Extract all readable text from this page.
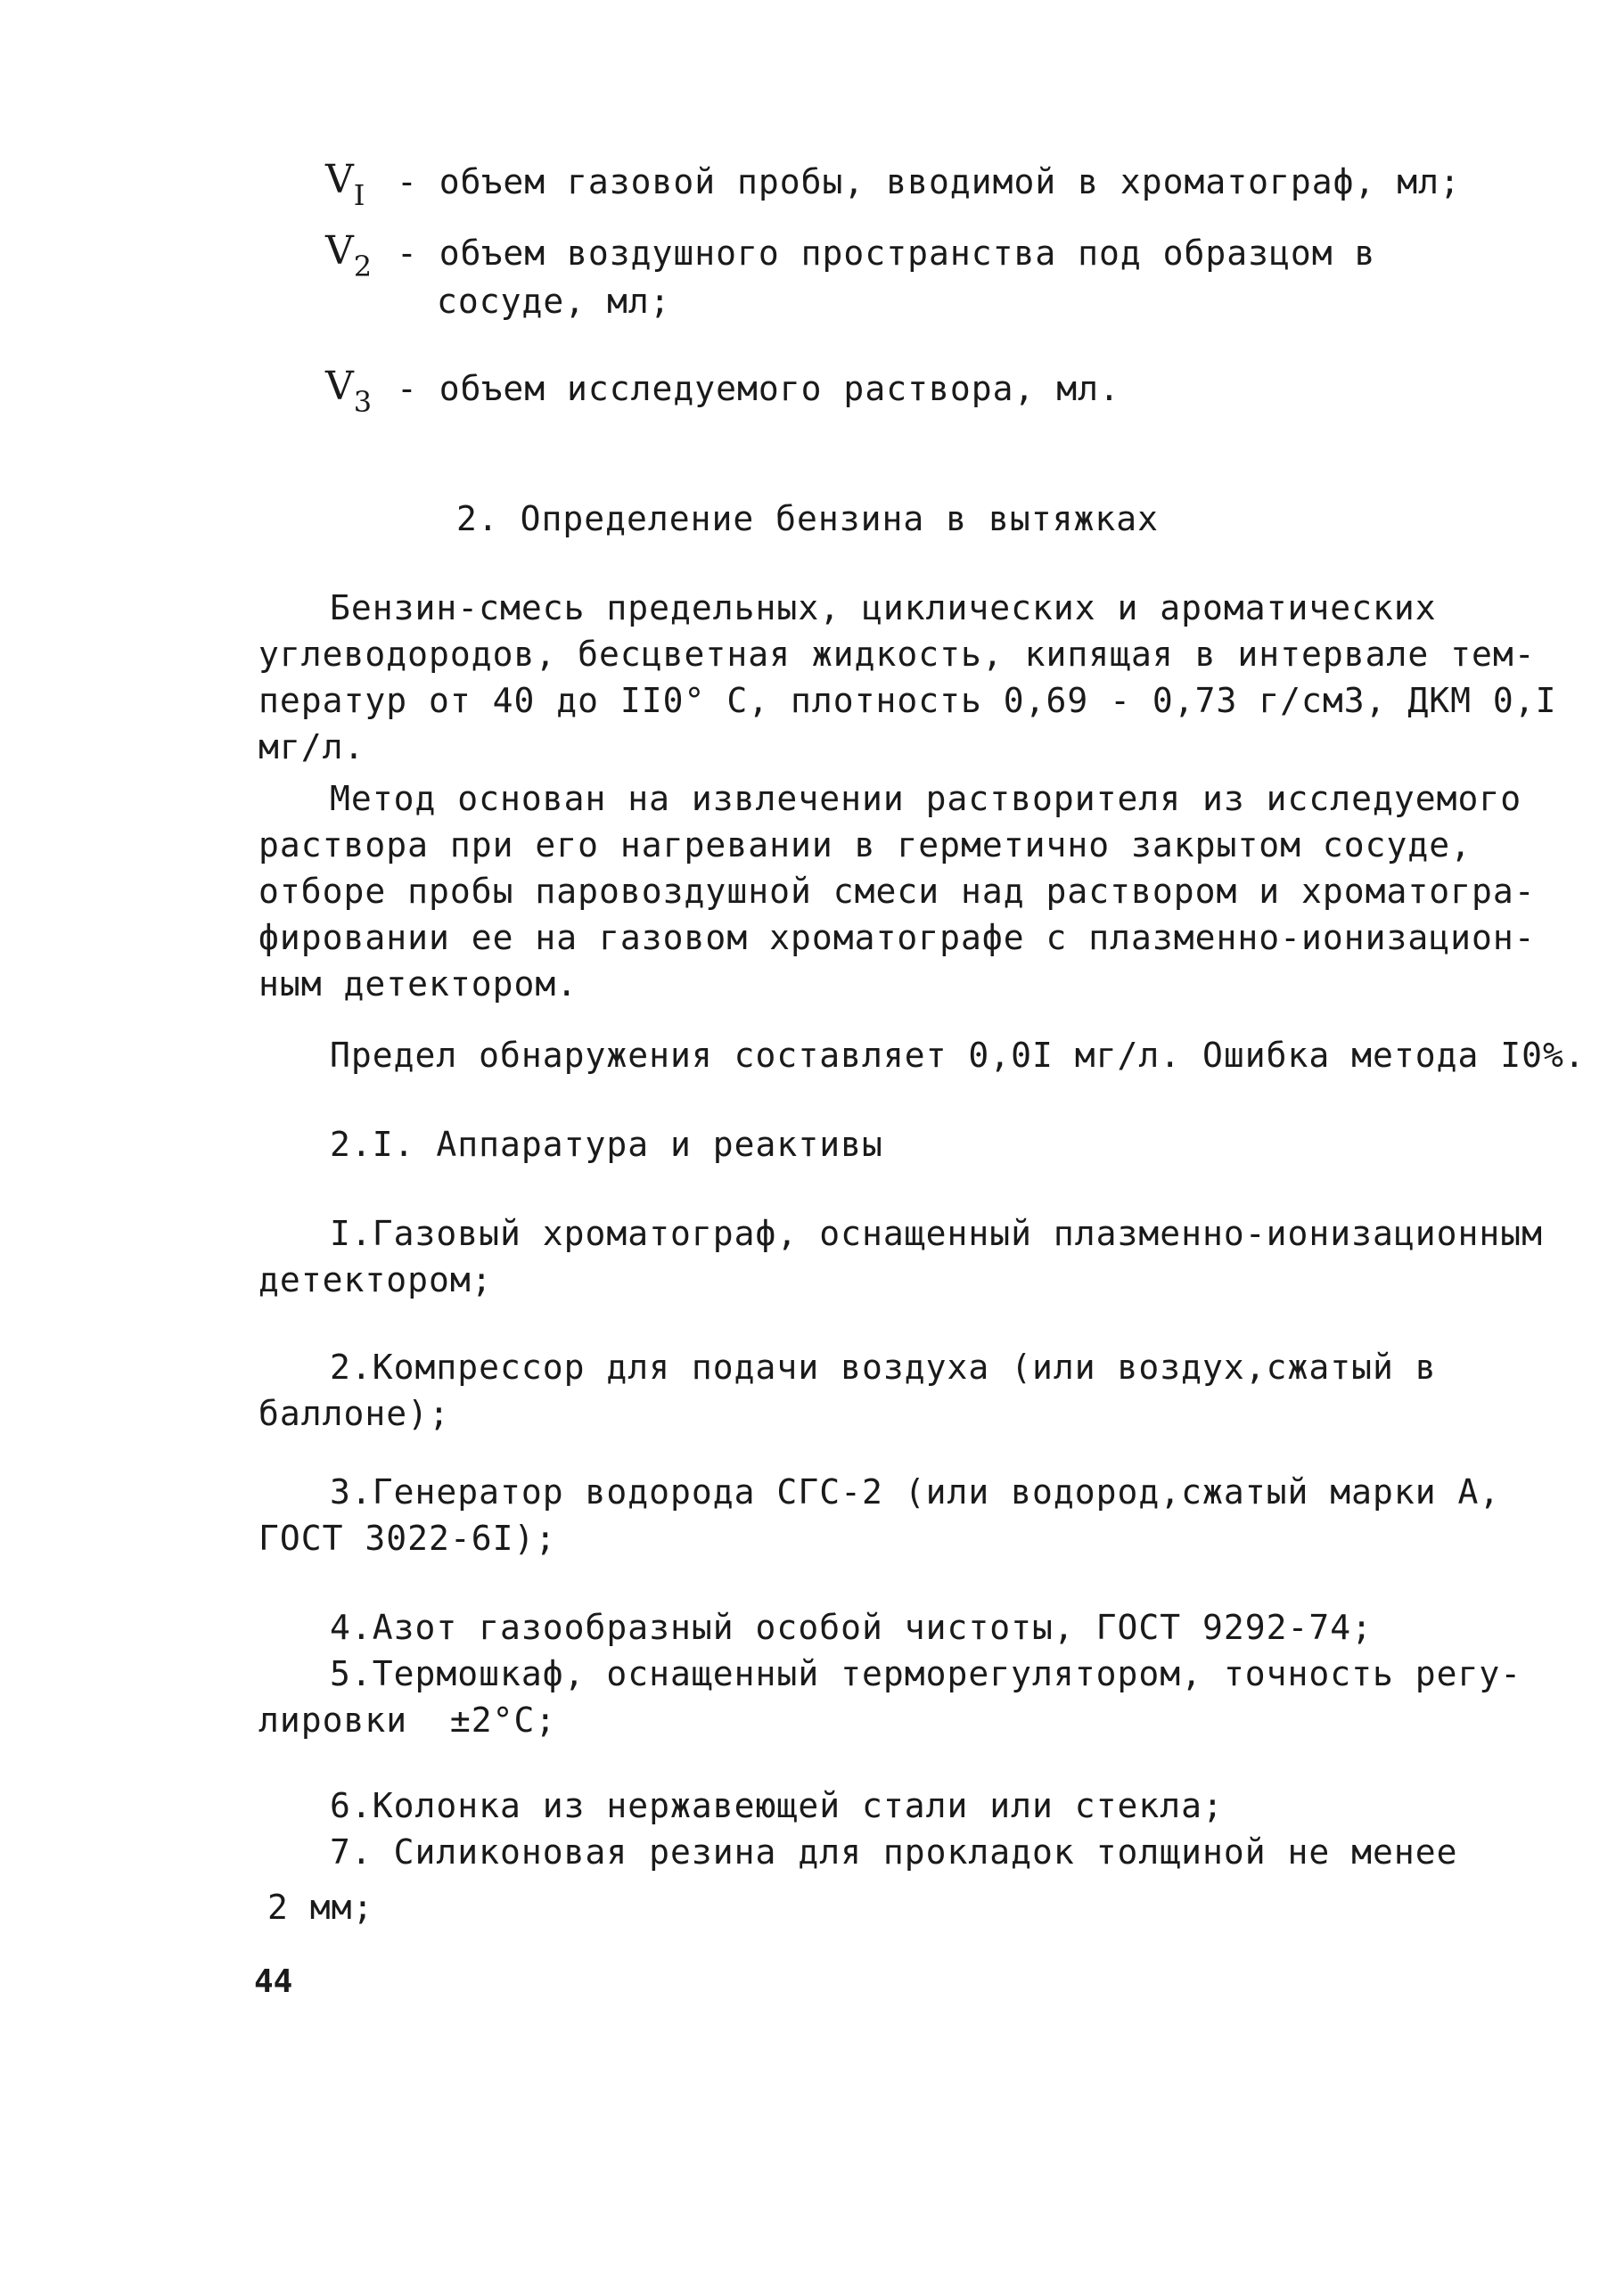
$V_I$ - объем газовой пробы, вводимой в хроматограф, мл;
$V_2$ - объем воздушного пространства под образцом в
сосуде, мл;
$V_3$ - объем исследуемого раствора, мл.
2. Определение бензина в вытяжках
Бензин-смесь предельных, циклических и ароматических
углеводородов, бесцветная жидкость, кипящая в интервале тем-
ператур от 40 до II0° С, плотность 0,69 - 0,73 г/см3, ДКМ 0,I
мг/л.
Метод основан на извлечении растворителя из исследуемого
раствора при его нагревании в герметично закрытом сосуде,
отборе пробы паровоздушной смеси над раствором и хроматогра-
фировании ее на газовом хроматографе с плазменно-ионизацион-
ным детектором.
Предел обнаружения составляет 0,0I мг/л. Ошибка метода I0%.
2.I. Аппаратура и реактивы
I.Газовый хроматограф, оснащенный плазменно-ионизационным
детектором;
2.Компрессор для подачи воздуха (или воздух,сжатый в
баллоне);
3.Генератор водорода СГС-2 (или водород,сжатый марки А,
ГОСТ 3022-6I);
4.Азот газообразный особой чистоты, ГОСТ 9292-74;
5.Термошкаф, оснащенный терморегулятором, точность регу-
лировки  ±2°С;
6.Колонка из нержавеющей стали или стекла;
7. Силиконовая резина для прокладок толщиной не менее
2 мм;
44
